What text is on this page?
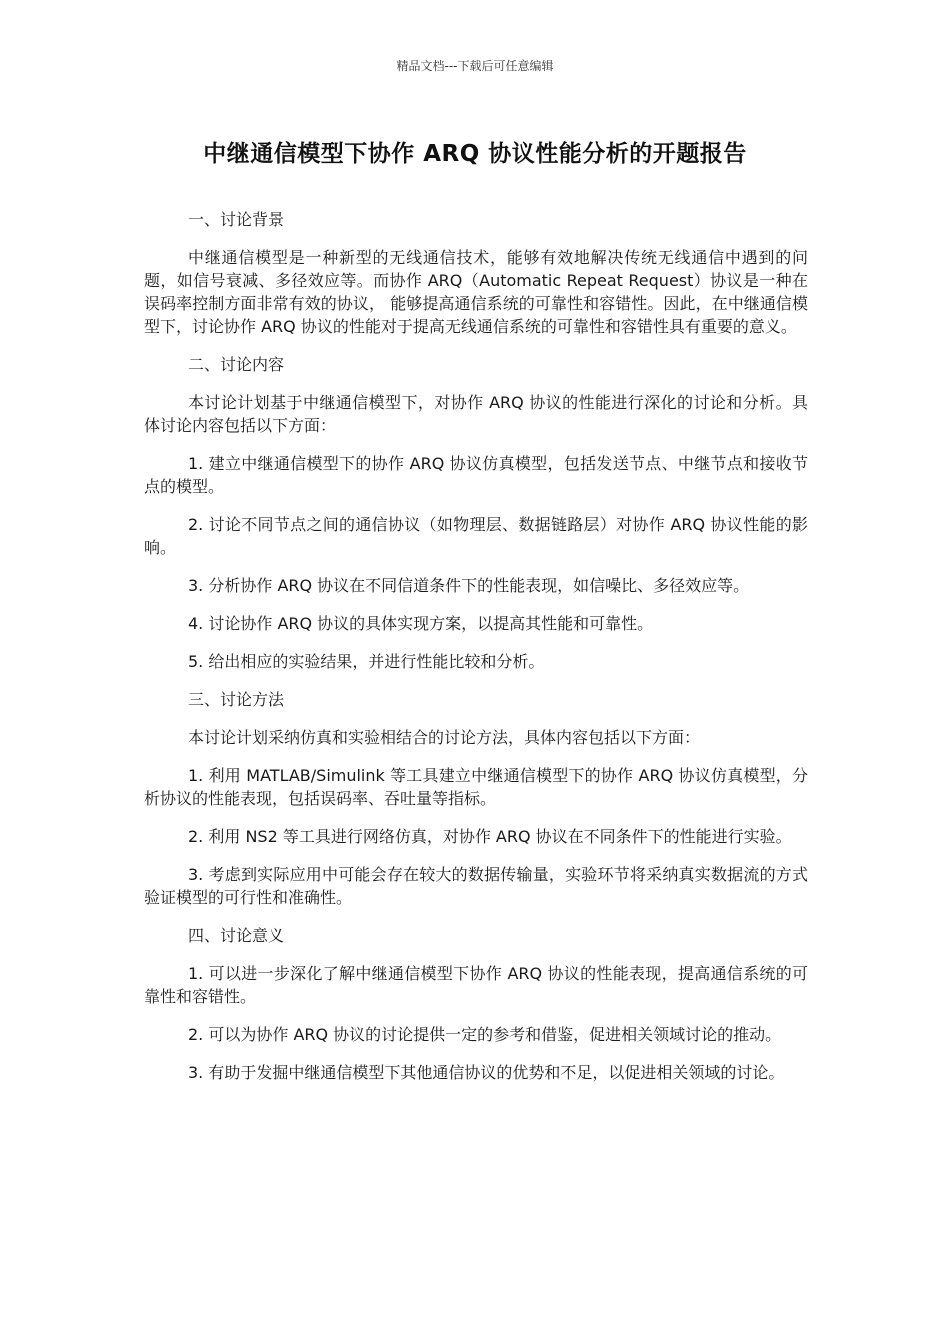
精品文档---下载后可任意编辑
中继通信模型下协作 ARQ 协议性能分析的开题报告

一、讨论背景

中继通信模型是一种新型的无线通信技术，能够有效地解决传统无线通信中遇到的问题，如信号衰减、多径效应等。而协作 ARQ（Automatic Repeat Request）协议是一种在误码率控制方面非常有效的协议， 能够提高通信系统的可靠性和容错性。因此，在中继通信模型下，讨论协作 ARQ 协议的性能对于提高无线通信系统的可靠性和容错性具有重要的意义。

二、讨论内容

本讨论计划基于中继通信模型下，对协作 ARQ 协议的性能进行深化的讨论和分析。具体讨论内容包括以下方面：

1. 建立中继通信模型下的协作 ARQ 协议仿真模型，包括发送节点、中继节点和接收节点的模型。

2. 讨论不同节点之间的通信协议（如物理层、数据链路层）对协作 ARQ 协议性能的影响。

3. 分析协作 ARQ 协议在不同信道条件下的性能表现，如信噪比、多径效应等。

4. 讨论协作 ARQ 协议的具体实现方案，以提高其性能和可靠性。

5. 给出相应的实验结果，并进行性能比较和分析。

三、讨论方法

本讨论计划采纳仿真和实验相结合的讨论方法，具体内容包括以下方面：

1. 利用 MATLAB/Simulink 等工具建立中继通信模型下的协作 ARQ 协议仿真模型，分析协议的性能表现，包括误码率、吞吐量等指标。

2. 利用 NS2 等工具进行网络仿真，对协作 ARQ 协议在不同条件下的性能进行实验。

3. 考虑到实际应用中可能会存在较大的数据传输量，实验环节将采纳真实数据流的方式验证模型的可行性和准确性。

四、讨论意义

1. 可以进一步深化了解中继通信模型下协作 ARQ 协议的性能表现，提高通信系统的可靠性和容错性。

2. 可以为协作 ARQ 协议的讨论提供一定的参考和借鉴，促进相关领域讨论的推动。

3. 有助于发掘中继通信模型下其他通信协议的优势和不足，以促进相关领域的讨论。
